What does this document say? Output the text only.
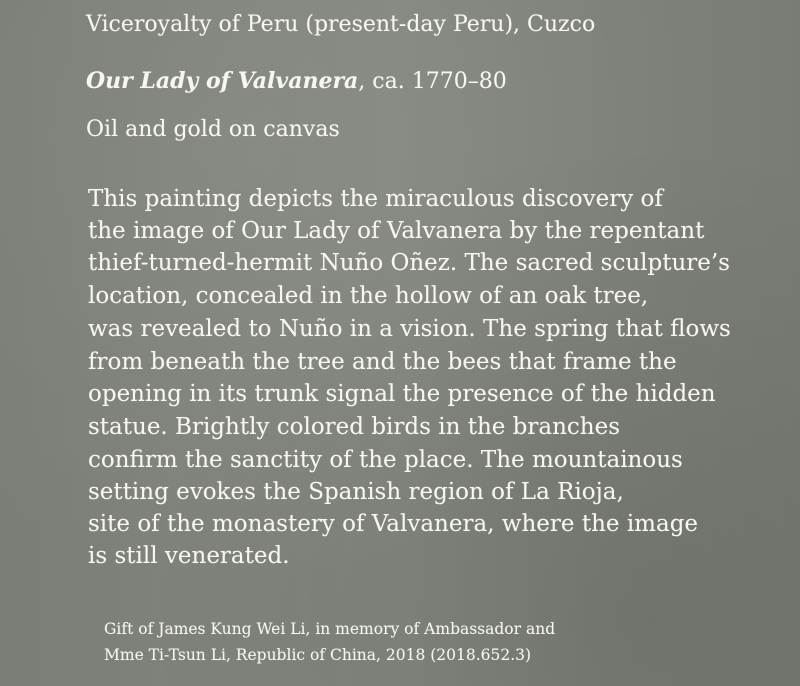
Viceroyalty of Peru (present-day Peru), Cuzco
Our Lady of Valvanera, ca. 1770–80
Oil and gold on canvas
This painting depicts the miraculous discovery of
the image of Our Lady of Valvanera by the repentant
thief-turned-hermit Nuño Oñez. The sacred sculpture’s
location, concealed in the hollow of an oak tree,
was revealed to Nuño in a vision. The spring that flows
from beneath the tree and the bees that frame the
opening in its trunk signal the presence of the hidden
statue. Brightly colored birds in the branches
confirm the sanctity of the place. The mountainous
setting evokes the Spanish region of La Rioja,
site of the monastery of Valvanera, where the image
is still venerated.
Gift of James Kung Wei Li, in memory of Ambassador and
Mme Ti-Tsun Li, Republic of China, 2018 (2018.652.3)
